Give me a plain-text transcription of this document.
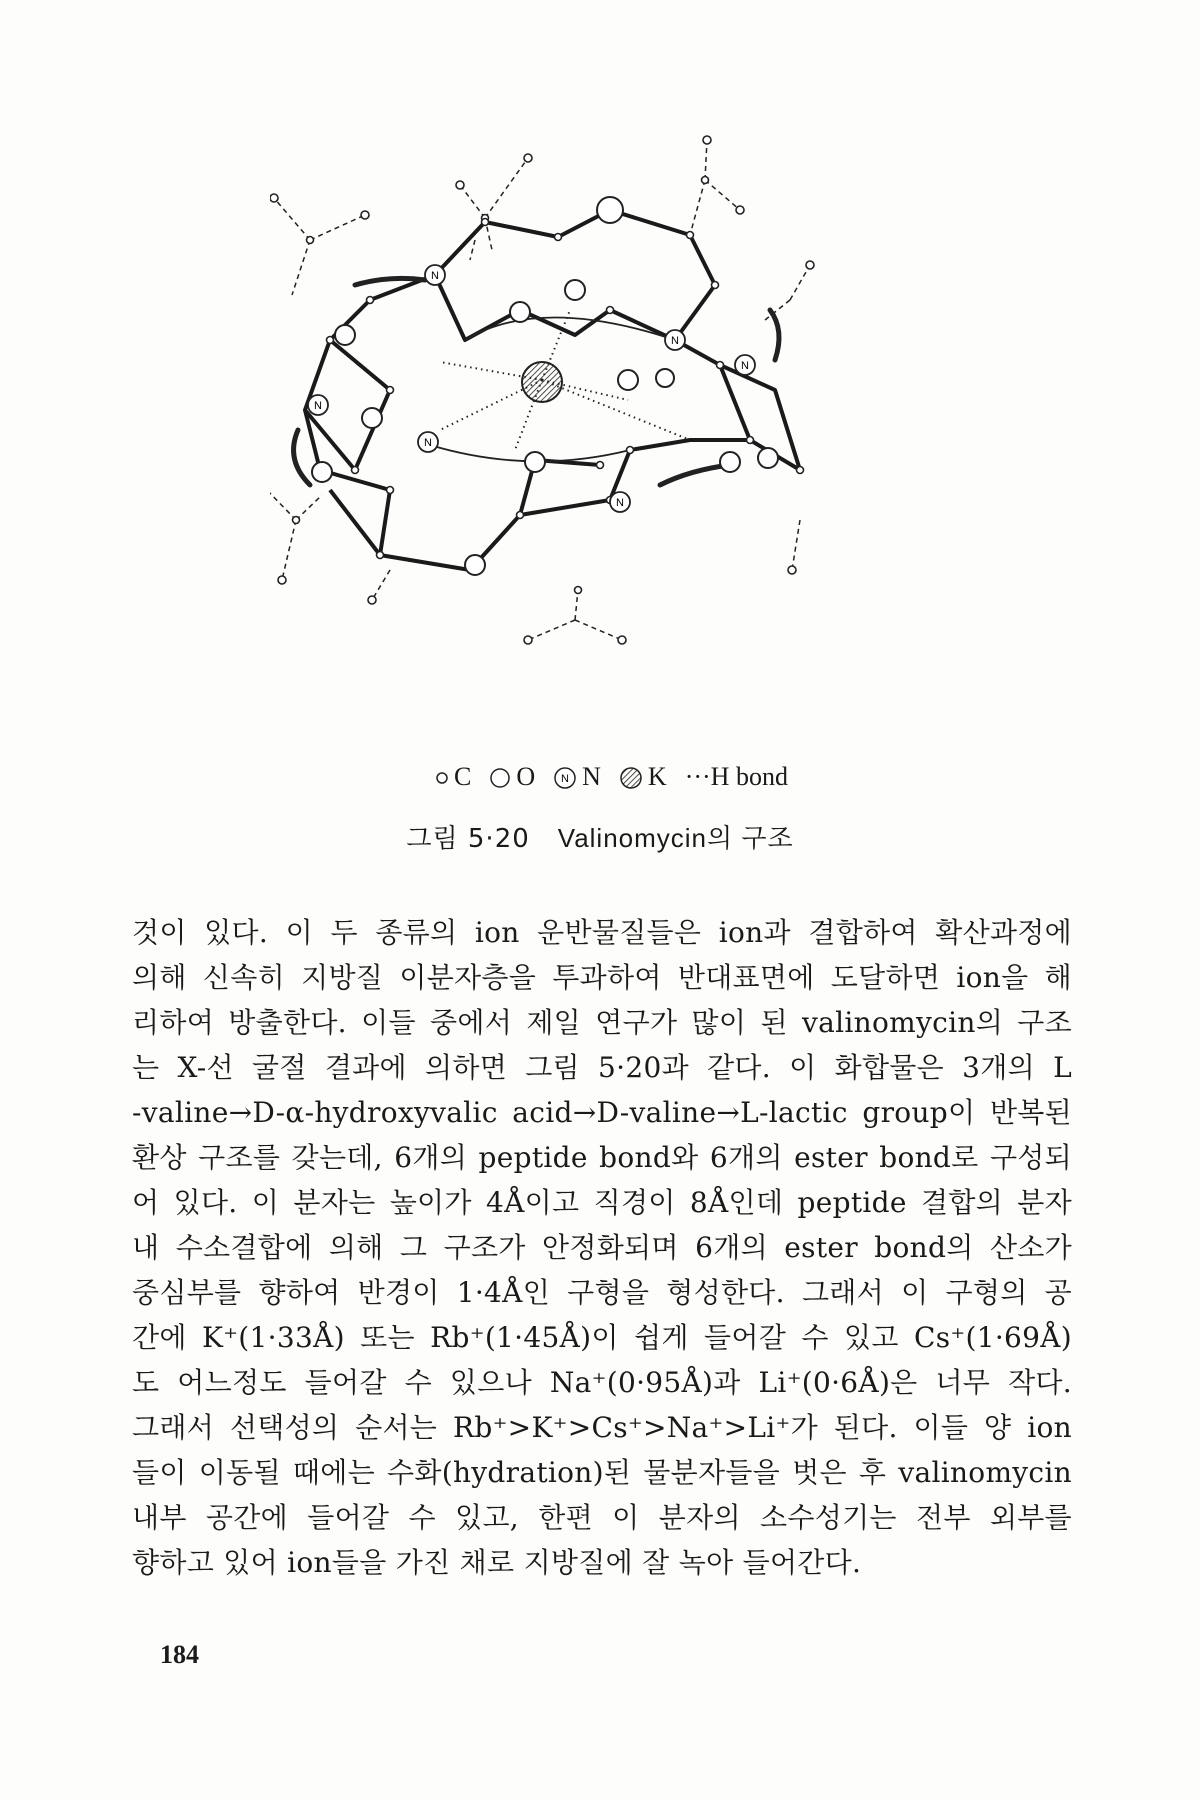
N
N
N
N
N
N
C O N N K ···H bond
그림 5·20 Valinomycin의 구조
것이 있다. 이 두 종류의 ion 운반물질들은 ion과 결합하여 확산과정에
의해 신속히 지방질 이분자층을 투과하여 반대표면에 도달하면 ion을 해
리하여 방출한다. 이들 중에서 제일 연구가 많이 된 valinomycin의 구조
는 X-선 굴절 결과에 의하면 그림 5·20과 같다. 이 화합물은 3개의 L
-valine→D-α-hydroxyvalic acid→D-valine→L-lactic group이 반복된
환상 구조를 갖는데, 6개의 peptide bond와 6개의 ester bond로 구성되
어 있다. 이 분자는 높이가 4Å이고 직경이 8Å인데 peptide 결합의 분자
내 수소결합에 의해 그 구조가 안정화되며 6개의 ester bond의 산소가
중심부를 향하여 반경이 1·4Å인 구형을 형성한다. 그래서 이 구형의 공
간에 K⁺(1·33Å) 또는 Rb⁺(1·45Å)이 쉽게 들어갈 수 있고 Cs⁺(1·69Å)
도 어느정도 들어갈 수 있으나 Na⁺(0·95Å)과 Li⁺(0·6Å)은 너무 작다.
그래서 선택성의 순서는 Rb⁺>K⁺>Cs⁺>Na⁺>Li⁺가 된다. 이들 양 ion
들이 이동될 때에는 수화(hydration)된 물분자들을 벗은 후 valinomycin
내부 공간에 들어갈 수 있고, 한편 이 분자의 소수성기는 전부 외부를
향하고 있어 ion들을 가진 채로 지방질에 잘 녹아 들어간다.
184
